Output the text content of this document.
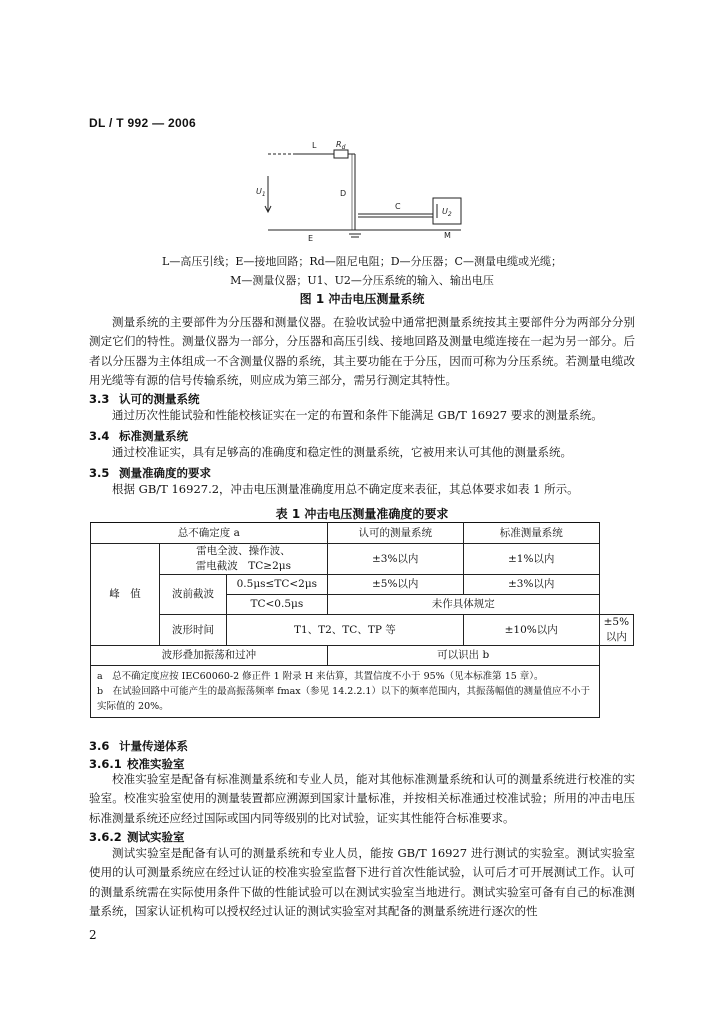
DL / T 992 — 2006
L $R_d$
D
C
E	M
$U_1$
$U_2$
L—高压引线；E—接地回路；Rd—阻尼电阻；D—分压器；C—测量电缆或光缆；
M—测量仪器；U1、U2—分压系统的输入、输出电压
图 1 冲击电压测量系统
测量系统的主要部件为分压器和测量仪器。在验收试验中通常把测量系统按其主要部件分为两部分分别测定它们的特性。测量仪器为一部分，分压器和高压引线、接地回路及测量电缆连接在一起为另一部分。后者以分压器为主体组成一不含测量仪器的系统，其主要功能在于分压，因而可称为分压系统。若测量电缆改用光缆等有源的信号传输系统，则应成为第三部分，需另行测定其特性。
3.3 认可的测量系统
通过历次性能试验和性能校核证实在一定的布置和条件下能满足 GB/T 16927 要求的测量系统。
3.4 标准测量系统
通过校准证实，具有足够高的准确度和稳定性的测量系统，它被用来认可其他的测量系统。
3.5 测量准确度的要求
根据 GB/T 16927.2，冲击电压测量准确度用总不确定度来表征，其总体要求如表 1 所示。
表 1 冲击电压测量准确度的要求
总不确定度 a			认可的测量系统	标准测量系统	
峰　值	雷电全波、操作波、
雷电截波　TC≥2μs		±3%以内	±1%以内	
	波前截波	0.5μs≤TC<2μs	±5%以内	±3%以内	
		TC<0.5μs	未作具体规定		
	波形时间	T1、T2、TC、TP 等		±10%以内	±5%以内
波形叠加振荡和过冲			可以识出 b		

a　总不确定度应按 IEC60060-2 修正件 1 附录 H 来估算，其置信度不小于 95%（见本标准第 15 章）。
b　在试验回路中可能产生的最高振荡频率 fmax（参见 14.2.2.1）以下的频率范围内，其振荡幅值的测量值应不小于实际值的 20%。					
3.6 计量传递体系
3.6.1 校准实验室
校准实验室是配备有标准测量系统和专业人员，能对其他标准测量系统和认可的测量系统进行校准的实验室。校准实验室使用的测量装置都应溯源到国家计量标准，并按相关标准通过校准试验；所用的冲击电压标准测量系统还应经过国际或国内同等级别的比对试验，证实其性能符合标准要求。
3.6.2 测试实验室
测试实验室是配备有认可的测量系统和专业人员，能按 GB/T 16927 进行测试的实验室。测试实验室使用的认可测量系统应在经过认证的校准实验室监督下进行首次性能试验，认可后才可开展测试工作。认可的测量系统需在实际使用条件下做的性能试验可以在测试实验室当地进行。测试实验室可备有自己的标准测量系统，国家认证机构可以授权经过认证的测试实验室对其配备的测量系统进行逐次的性
2
